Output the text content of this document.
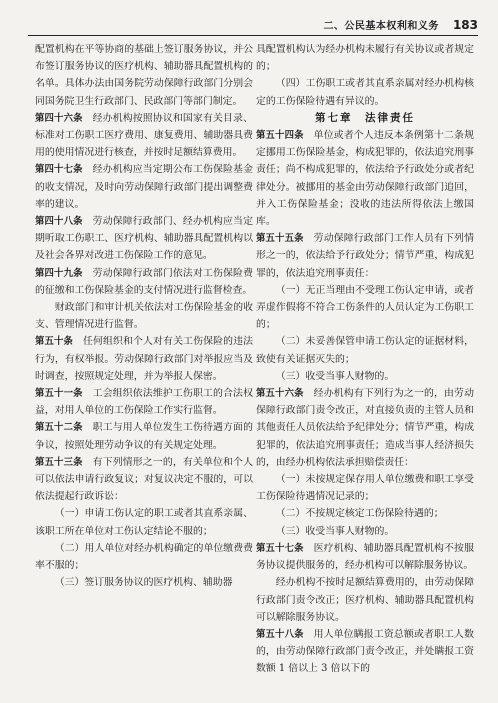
二、公民基本权利和义务 183

配置机构在平等协商的基础上签订服务协议，并公布签订服务协议的医疗机构、辅助器具配置机构的名单。具体办法由国务院劳动保障行政部门分别会同国务院卫生行政部门、民政部门等部门制定。

第四十六条　 经办机构按照协议和国家有关目录、标准对工伤职工医疗费用、康复费用、辅助器具费用的使用情况进行核查，并按时足额结算费用。

第四十七条　 经办机构应当定期公布工伤保险基金的收支情况，及时向劳动保障行政部门提出调整费率的建议。

第四十八条　 劳动保障行政部门、经办机构应当定期听取工伤职工、医疗机构、辅助器具配置机构以及社会各界对改进工伤保险工作的意见。

第四十九条　 劳动保障行政部门依法对工伤保险费的征缴和工伤保险基金的支付情况进行监督检查。

财政部门和审计机关依法对工伤保险基金的收支、管理情况进行监督。

第五十条　 任何组织和个人对有关工伤保险的违法行为，有权举报。劳动保障行政部门对举报应当及时调查，按照规定处理，并为举报人保密。

第五十一条　 工会组织依法维护工伤职工的合法权益，对用人单位的工伤保险工作实行监督。

第五十二条　 职工与用人单位发生工伤待遇方面的争议，按照处理劳动争议的有关规定处理。

第五十三条　 有下列情形之一的，有关单位和个人可以依法申请行政复议；对复议决定不服的，可以依法提起行政诉讼：

（一）申请工伤认定的职工或者其直系亲属、该职工所在单位对工伤认定结论不服的；

（二）用人单位对经办机构确定的单位缴费费率不服的；

（三）签订服务协议的医疗机构、辅助器

具配置机构认为经办机构未履行有关协议或者规定的；

（四）工伤职工或者其直系亲属对经办机构核定的工伤保险待遇有异议的。

第七章　法律责任

第五十四条　 单位或者个人违反本条例第十二条规定挪用工伤保险基金，构成犯罪的，依法追究刑事责任；尚不构成犯罪的，依法给予行政处分或者纪律处分。被挪用的基金由劳动保障行政部门追回，并入工伤保险基金；没收的违法所得依法上缴国库。

第五十五条　 劳动保障行政部门工作人员有下列情形之一的，依法给予行政处分；情节严重，构成犯罪的，依法追究刑事责任：

（一）无正当理由不受理工伤认定申请，或者弄虚作假将不符合工伤条件的人员认定为工伤职工的；

（二）未妥善保管申请工伤认定的证据材料，致使有关证据灭失的；

（三）收受当事人财物的。

第五十六条　 经办机构有下列行为之一的，由劳动保障行政部门责令改正，对直接负责的主管人员和其他责任人员依法给予纪律处分；情节严重，构成犯罪的，依法追究刑事责任；造成当事人经济损失的，由经办机构依法承担赔偿责任：

（一）未按规定保存用人单位缴费和职工享受工伤保险待遇情况记录的；

（二）不按规定核定工伤保险待遇的；

（三）收受当事人财物的。

第五十七条　 医疗机构、辅助器具配置机构不按服务协议提供服务的，经办机构可以解除服务协议。

经办机构不按时足额结算费用的，由劳动保障行政部门责令改正；医疗机构、辅助器具配置机构可以解除服务协议。

第五十八条　 用人单位瞒报工资总额或者职工人数的，由劳动保障行政部门责令改正，并处瞒报工资数额 1 倍以上 3 倍以下的
